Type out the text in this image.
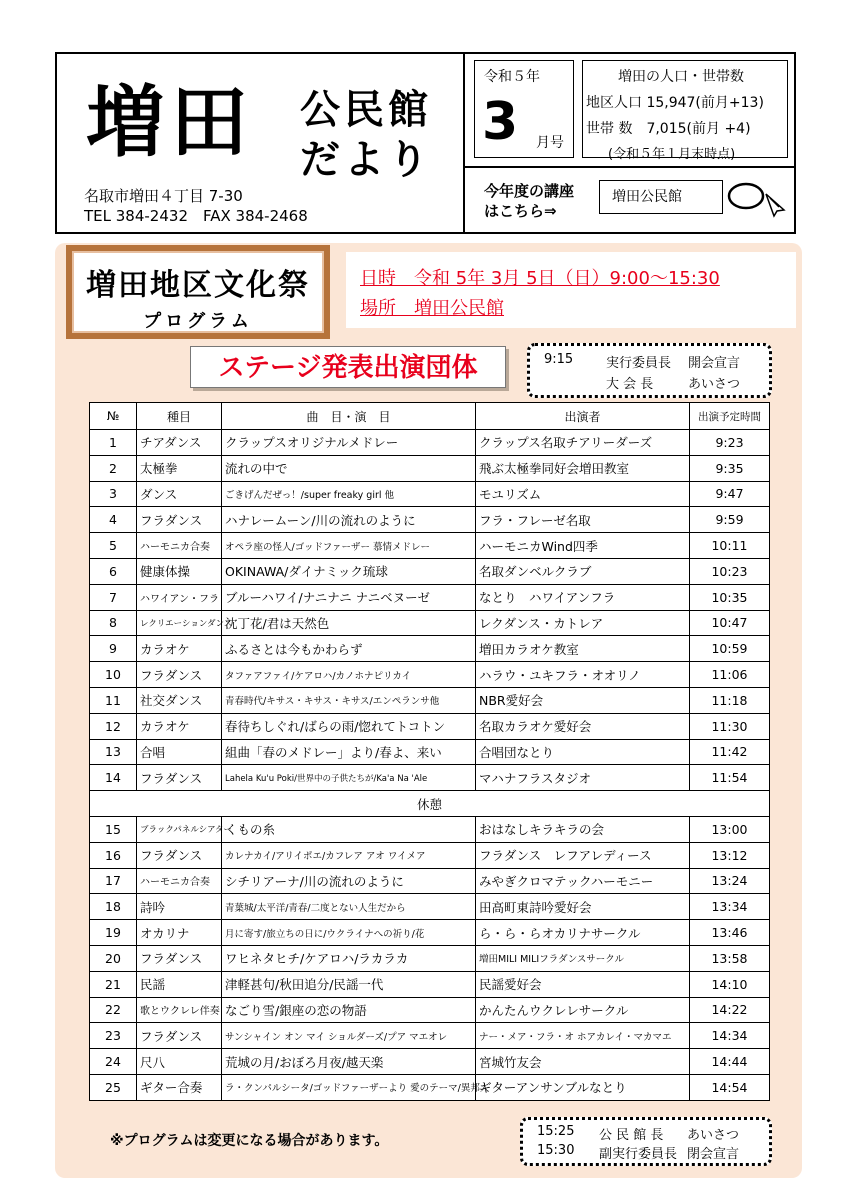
増田 公民館
だより
名取市増田４丁目 7-30
TEL 384-2432　FAX 384-2468
令和５年
3 月号
増田の人口・世帯数
地区人口 15,947(前月+13)
世帯 数　7,015(前月 +4)
(令和５年１月末時点)
今年度の講座
はこちら⇒
増田公民館
増田地区文化祭
プログラム
日時　令和 5年 3月 5日（日）9:00～15:30
場所　増田公民館
ステージ発表出演団体	9:15	実行委員長 開会宣言
大 会 長	あいさつ
№	種目	曲　目・演　目	出演者	出演予定時間
1	チアダンス	クラップスオリジナルメドレー	クラップス名取チアリーダーズ	9:23
2	太極拳	流れの中で	飛ぶ太極拳同好会増田教室	9:35
3	ダンス	ごきげんだぜっ！/super freaky girl 他	モユリズム	9:47
4	フラダンス	ハナレームーン/川の流れのように	フラ・フレーゼ名取	9:59
5	ハーモニカ合奏	オペラ座の怪人/ゴッドファーザー 慕情メドレー	ハーモニカWind四季	10:11
6	健康体操	OKINAWA/ダイナミック琉球	名取ダンベルクラブ	10:23
7	ハワイアン・フラ	ブルーハワイ/ナニナニ ナニベヌーゼ	なとり　ハワイアンフラ	10:35
8	レクリエーションダンス	沈丁花/君は天然色	レクダンス・カトレア	10:47
9	カラオケ	ふるさとは今もかわらず	増田カラオケ教室	10:59
10	フラダンス	タファアファイ/ケアロハ/カノホナピリカイ	ハラウ・ユキフラ・オオリノ	11:06
11	社交ダンス	青春時代/キサス・キサス・キサス/エンペランサ他	NBR愛好会	11:18
12	カラオケ	春待ちしぐれ/ばらの雨/惚れてトコトン	名取カラオケ愛好会	11:30
13	合唱	組曲「春のメドレー」より/春よ、来い	合唱団なとり	11:42
14	フラダンス	Lahela Ku'u Poki/世界中の子供たちが/Ka'a Na 'Ale	マハナフラスタジオ	11:54
休憩				
15	ブラックパネルシアター	くもの糸	おはなしキラキラの会	13:00
16	フラダンス	カレナカイ/アリイポエ/カフレア アオ ワイメア	フラダンス　レフアレディース	13:12
17	ハーモニカ合奏	シチリアーナ/川の流れのように	みやぎクロマテックハーモニー	13:24
18	詩吟	青葉城/太平洋/青春/二度とない人生だから	田高町東詩吟愛好会	13:34
19	オカリナ	月に寄す/旅立ちの日に/ウクライナへの祈り/花	ら・ら・らオカリナサークル	13:46
20	フラダンス	ワヒネタヒチ/ケアロハ/ラカラカ	増田MILI MILIフラダンスサークル	13:58
21	民謡	津軽甚句/秋田追分/民謡一代	民謡愛好会	14:10
22	歌とウクレレ伴奏	なごり雪/銀座の恋の物語	かんたんウクレレサークル	14:22
23	フラダンス	サンシャイン オン マイ ショルダーズ/プア マエオレ	ナー・メア・フラ・オ ホアカレイ・マカマエ	14:34
24	尺八	荒城の月/おぼろ月夜/越天楽	宮城竹友会	14:44
25	ギター合奏	ラ・クンパルシータ/ゴッドファーザーより 愛のテーマ/異邦人	ギターアンサンブルなとり	14:54
※プログラムは変更になる場合があります。
15:25 公 民 館 長 あいさつ
15:30 副実行委員長 閉会宣言
